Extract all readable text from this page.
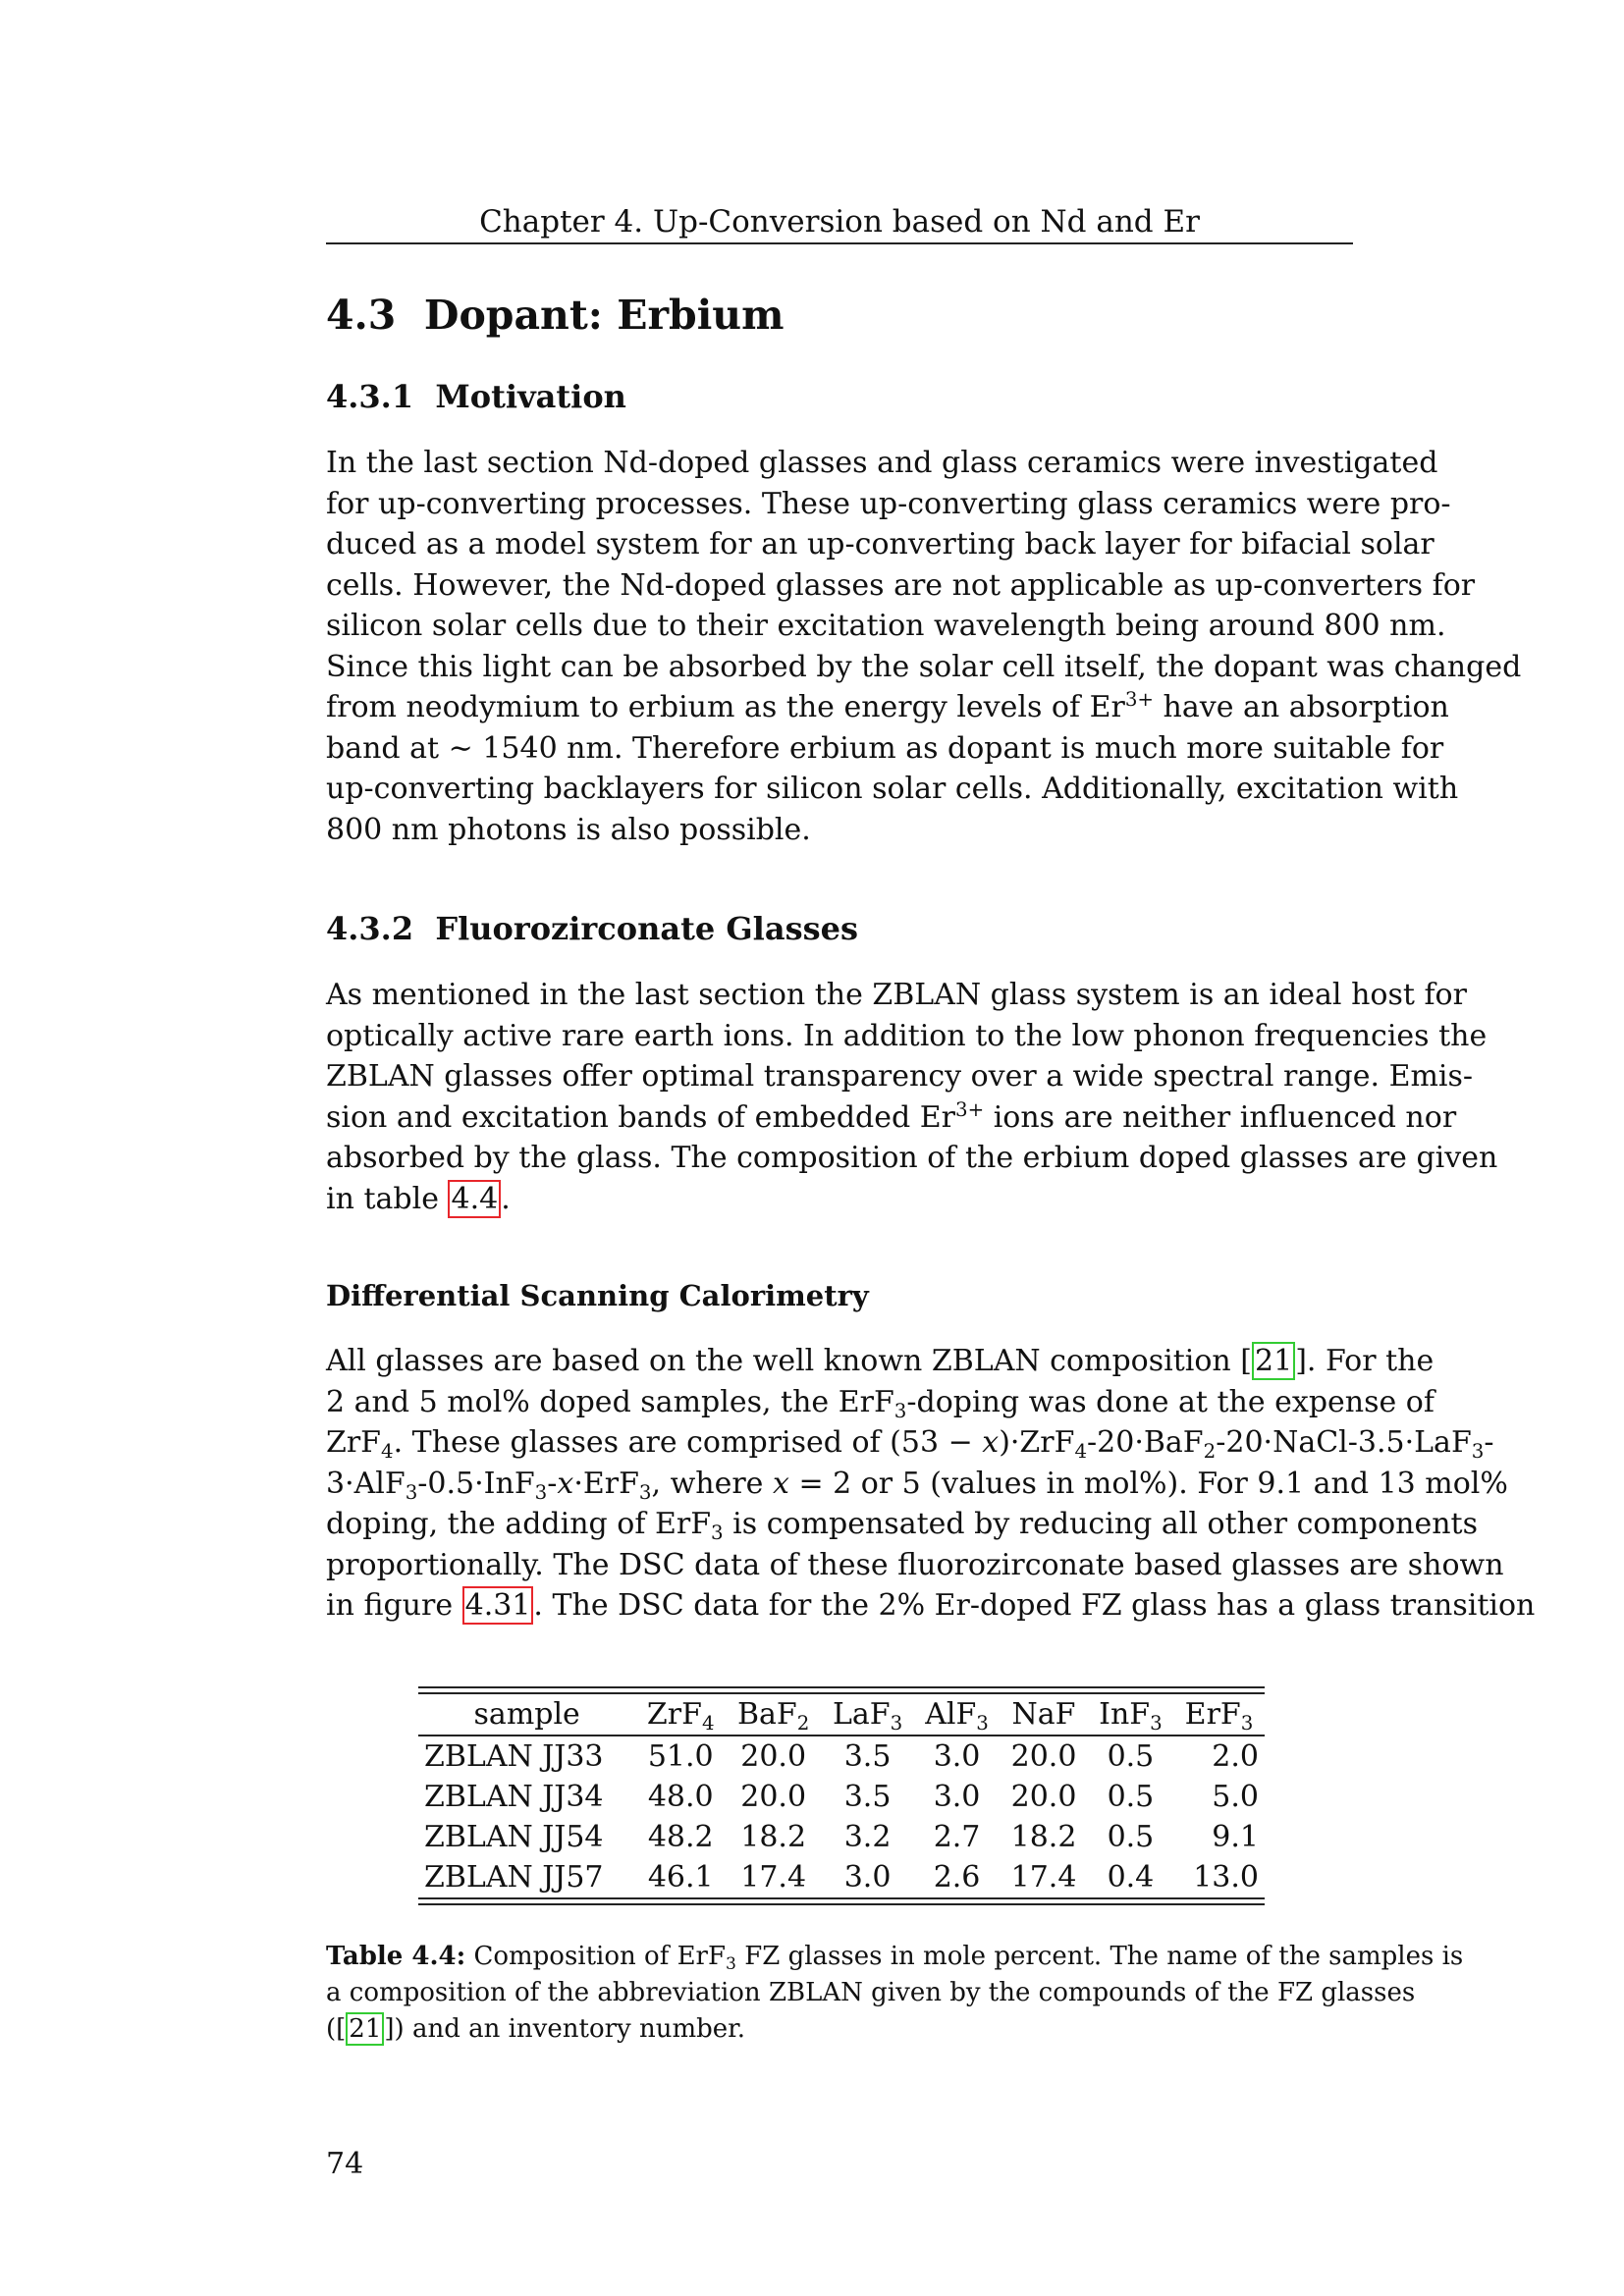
Chapter 4. Up-Conversion based on Nd and Er
4.3 Dopant: Erbium
4.3.1 Motivation
In the last section Nd-doped glasses and glass ceramics were investigated
for up-converting processes. These up-converting glass ceramics were pro-
duced as a model system for an up-converting back layer for bifacial solar
cells. However, the Nd-doped glasses are not applicable as up-converters for
silicon solar cells due to their excitation wavelength being around 800 nm.
Since this light can be absorbed by the solar cell itself, the dopant was changed
from neodymium to erbium as the energy levels of $Er^{3+}$ have an absorption
band at ∼ 1540 nm. Therefore erbium as dopant is much more suitable for
up-converting backlayers for silicon solar cells. Additionally, excitation with
800 nm photons is also possible.
4.3.2 Fluorozirconate Glasses
As mentioned in the last section the ZBLAN glass system is an ideal host for
optically active rare earth ions. In addition to the low phonon frequencies the
ZBLAN glasses offer optimal transparency over a wide spectral range. Emis-
sion and excitation bands of embedded $Er^{3+}$ ions are neither influenced nor
absorbed by the glass. The composition of the erbium doped glasses are given
in table 4.4 .
Differential Scanning Calorimetry
All glasses are based on the well known ZBLAN composition [ 21 ]. For the
2 and 5 mol% doped samples, the ErF$_3$-doping was done at the expense of
ZrF$_4$. These glasses are comprised of (53 − x)·ZrF$_4$-20·BaF$_2$-20·NaCl-3.5·LaF$_3$-
3·AlF$_3$-0.5·InF$_3$-x·ErF$_3$, where x = 2 or 5 (values in mol%). For 9.1 and 13 mol%
doping, the adding of ErF$_3$ is compensated by reducing all other components
proportionally. The DSC data of these fluorozirconate based glasses are shown
in figure 4.31 . The DSC data for the 2% Er-doped FZ glass has a glass transition
sample	ZrF$_4$	BaF$_2$	LaF$_3$	AlF$_3$	NaF	InF$_3$	ErF$_3$
ZBLAN JJ33	51.0	20.0	3.5	3.0	20.0	0.5	2.0
ZBLAN JJ34	48.0	20.0	3.5	3.0	20.0	0.5	5.0
ZBLAN JJ54	48.2	18.2	3.2	2.7	18.2	0.5	9.1
ZBLAN JJ57	46.1	17.4	3.0	2.6	17.4	0.4	13.0
Table 4.4: Composition of ErF$_3$ FZ glasses in mole percent. The name of the samples is
a composition of the abbreviation ZBLAN given by the compounds of the FZ glasses
([ 21 ]) and an inventory number.
74
